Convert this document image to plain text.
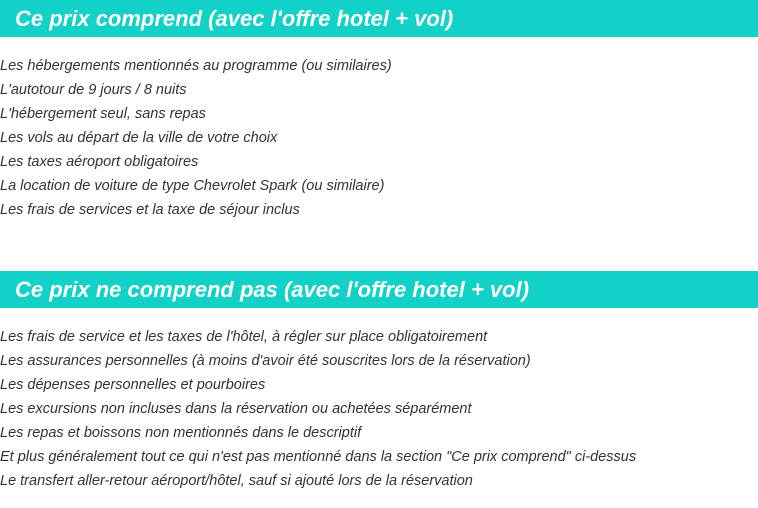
Ce prix comprend (avec l'offre hotel + vol)
Les hébergements mentionnés au programme (ou similaires)
L'autotour de 9 jours / 8 nuits
L'hébergement seul, sans repas
Les vols au départ de la ville de votre choix
Les taxes aéroport obligatoires
La location de voiture de type Chevrolet Spark (ou similaire)
Les frais de services et la taxe de séjour inclus
Ce prix ne comprend pas (avec l'offre hotel + vol)
Les frais de service et les taxes de l'hôtel, à régler sur place obligatoirement
Les assurances personnelles (à moins d'avoir été souscrites lors de la réservation)
Les dépenses personnelles et pourboires
Les excursions non incluses dans la réservation ou achetées séparément
Les repas et boissons non mentionnés dans le descriptif
Et plus généralement tout ce qui n'est pas mentionné dans la section "Ce prix comprend" ci-dessus
Le transfert aller-retour aéroport/hôtel, sauf si ajouté lors de la réservation
